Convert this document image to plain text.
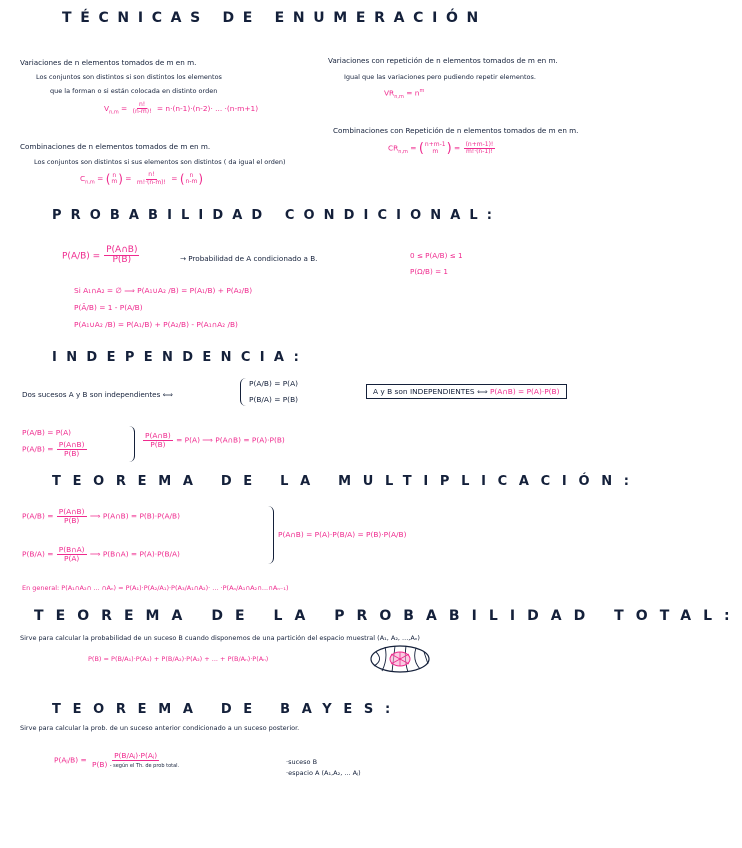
TÉCNICAS DE ENUMERACIÓN
Variaciones de n elementos tomados de m en m.
Los conjuntos son distintos si son distintos los elementos
que la forman o si están colocada en distinto orden
$V_{n,m} = \frac{n!}{(n-m)!} = n\cdot(n-1)\cdot(n-2)\cdot$ ... ·(n-m+1)
Variaciones con repetición de n elementos tomados de m en m.
Igual que las variaciones pero pudiendo repetir elementos.
$VR_{n,m} = n^m$
Combinaciones con Repetición de n elementos tomados de m en m.
$CR_{n,m}$ = ( n+m-1
m ) = $\frac{(n+m-1)!}{m!\cdot(n-1)!}$
Combinaciones de n elementos tomados de m en m.
Los conjuntos son distintos si sus elementos son distintos ( da igual el orden)
$C_{n,m}$ = ( n
m ) = $\frac{n!}{m!\cdot(n-m)!}$ = ( n
n-m )
PROBABILIDAD CONDICIONAL:
$P(A/B) = \frac{P(A\cap B)}{P(B)}$	→ Probabilidad de A condicionado a B.	0 ≤ P(A/B) ≤ 1
P(Ω/B) = 1
Si A₁∩A₂ = ∅ ⟹ P(A₁∪A₂ /B) = P(A₁/B) + P(A₂/B)
P(Ā/B) = 1 - P(A/B)
P(A₁∪A₂ /B) = P(A₁/B) + P(A₂/B) - P(A₁∩A₂ /B)
INDEPENDENCIA:
Dos sucesos A y B son independientes ⟺
P(A/B) = P(A)
P(B/A) = P(B)
A y B son INDEPENDIENTES ⟺ P(A∩B) = P(A)·P(B)
P(A/B) = P(A)
$P(A/B) = \frac{P(A\cap B)}{P(B)}$
$\frac{P(A\cap B)}{P(B)} = P(A)$ ⟹ P(A∩B) = P(A)·P(B)
TEOREMA DE LA MULTIPLICACIÓN:
$P(A/B) = \frac{P(A\cap B)}{P(B)}$ ⟹ P(A∩B) = P(B)·P(A/B)
$P(B/A) = \frac{P(B\cap A)}{P(A)}$ ⟹ P(B∩A) = P(A)·P(B/A)
P(A∩B) = P(A)·P(B/A) = P(B)·P(A/B)
En general: P(A₁∩A₂∩ ... ∩Aₙ) = P(A₁)·P(A₂/A₁)·P(A₃/A₁∩A₂)· ... ·P(Aₙ/A₁∩A₂∩...∩Aₙ₋₁)
TEOREMA DE LA PROBABILIDAD TOTAL:
Sirve para calcular la probabilidad de un suceso B cuando disponemos de una partición del espacio muestral (A₁, A₂, ...,Aₙ)
P(B) = P(B/A₁)·P(A₁) + P(B/A₂)·P(A₂) + ... + P(B/Aₙ)·P(Aₙ)
TEOREMA DE BAYES:
Sirve para calcular la prob. de un suceso anterior condicionado a un suceso posterior.
P(Aⱼ/B) = $\frac{\text{P(B/Aⱼ)·P(Aⱼ)}}{\text{P(B) - según el Th. de prob total.}}$	·suceso B
·espacio A (A₁,A₂, ... Aⱼ)
